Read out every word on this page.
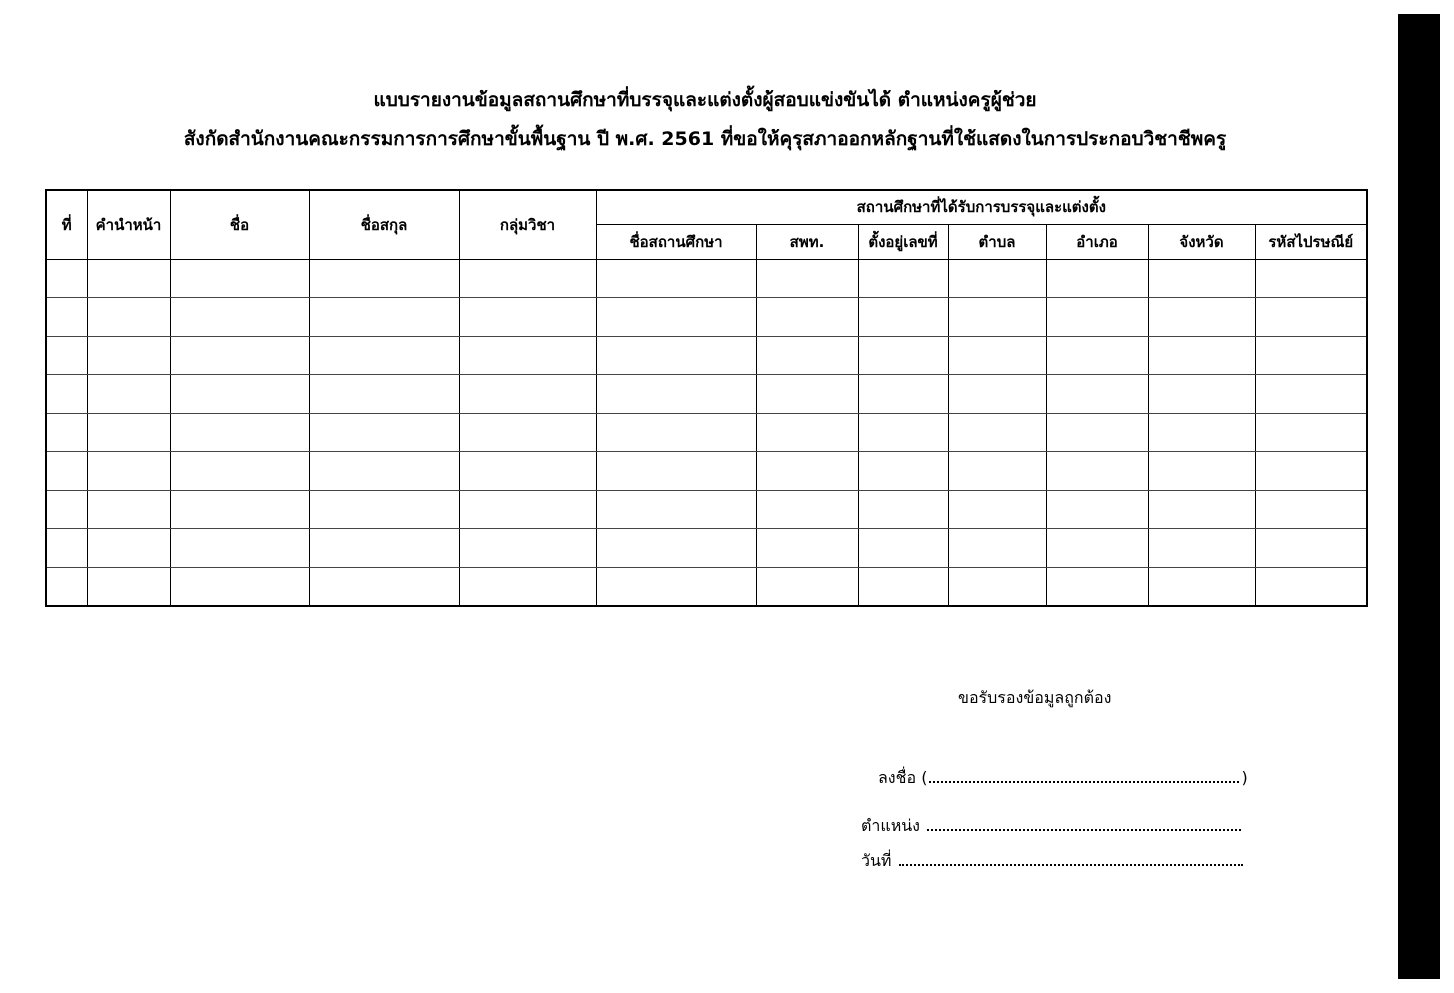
แบบรายงานข้อมูลสถานศึกษาที่บรรจุและแต่งตั้งผู้สอบแข่งขันได้ ตำแหน่งครูผู้ช่วย
สังกัดสำนักงานคณะกรรมการการศึกษาขั้นพื้นฐาน ปี พ.ศ. 2561 ที่ขอให้คุรุสภาออกหลักฐานที่ใช้แสดงในการประกอบวิชาชีพครู
ที่	คำนำหน้า	ชื่อ	ชื่อสกุล	กลุ่มวิชา	สถานศึกษาที่ได้รับการบรรจุและแต่งตั้ง						
					ชื่อสถานศึกษา	สพท.	ตั้งอยู่เลขที่	ตำบล	อำเภอ	จังหวัด	รหัสไปรษณีย์

ขอรับรองข้อมูลถูกต้อง
ลงชื่อ (	)
ตำแหน่ง
วันที่
